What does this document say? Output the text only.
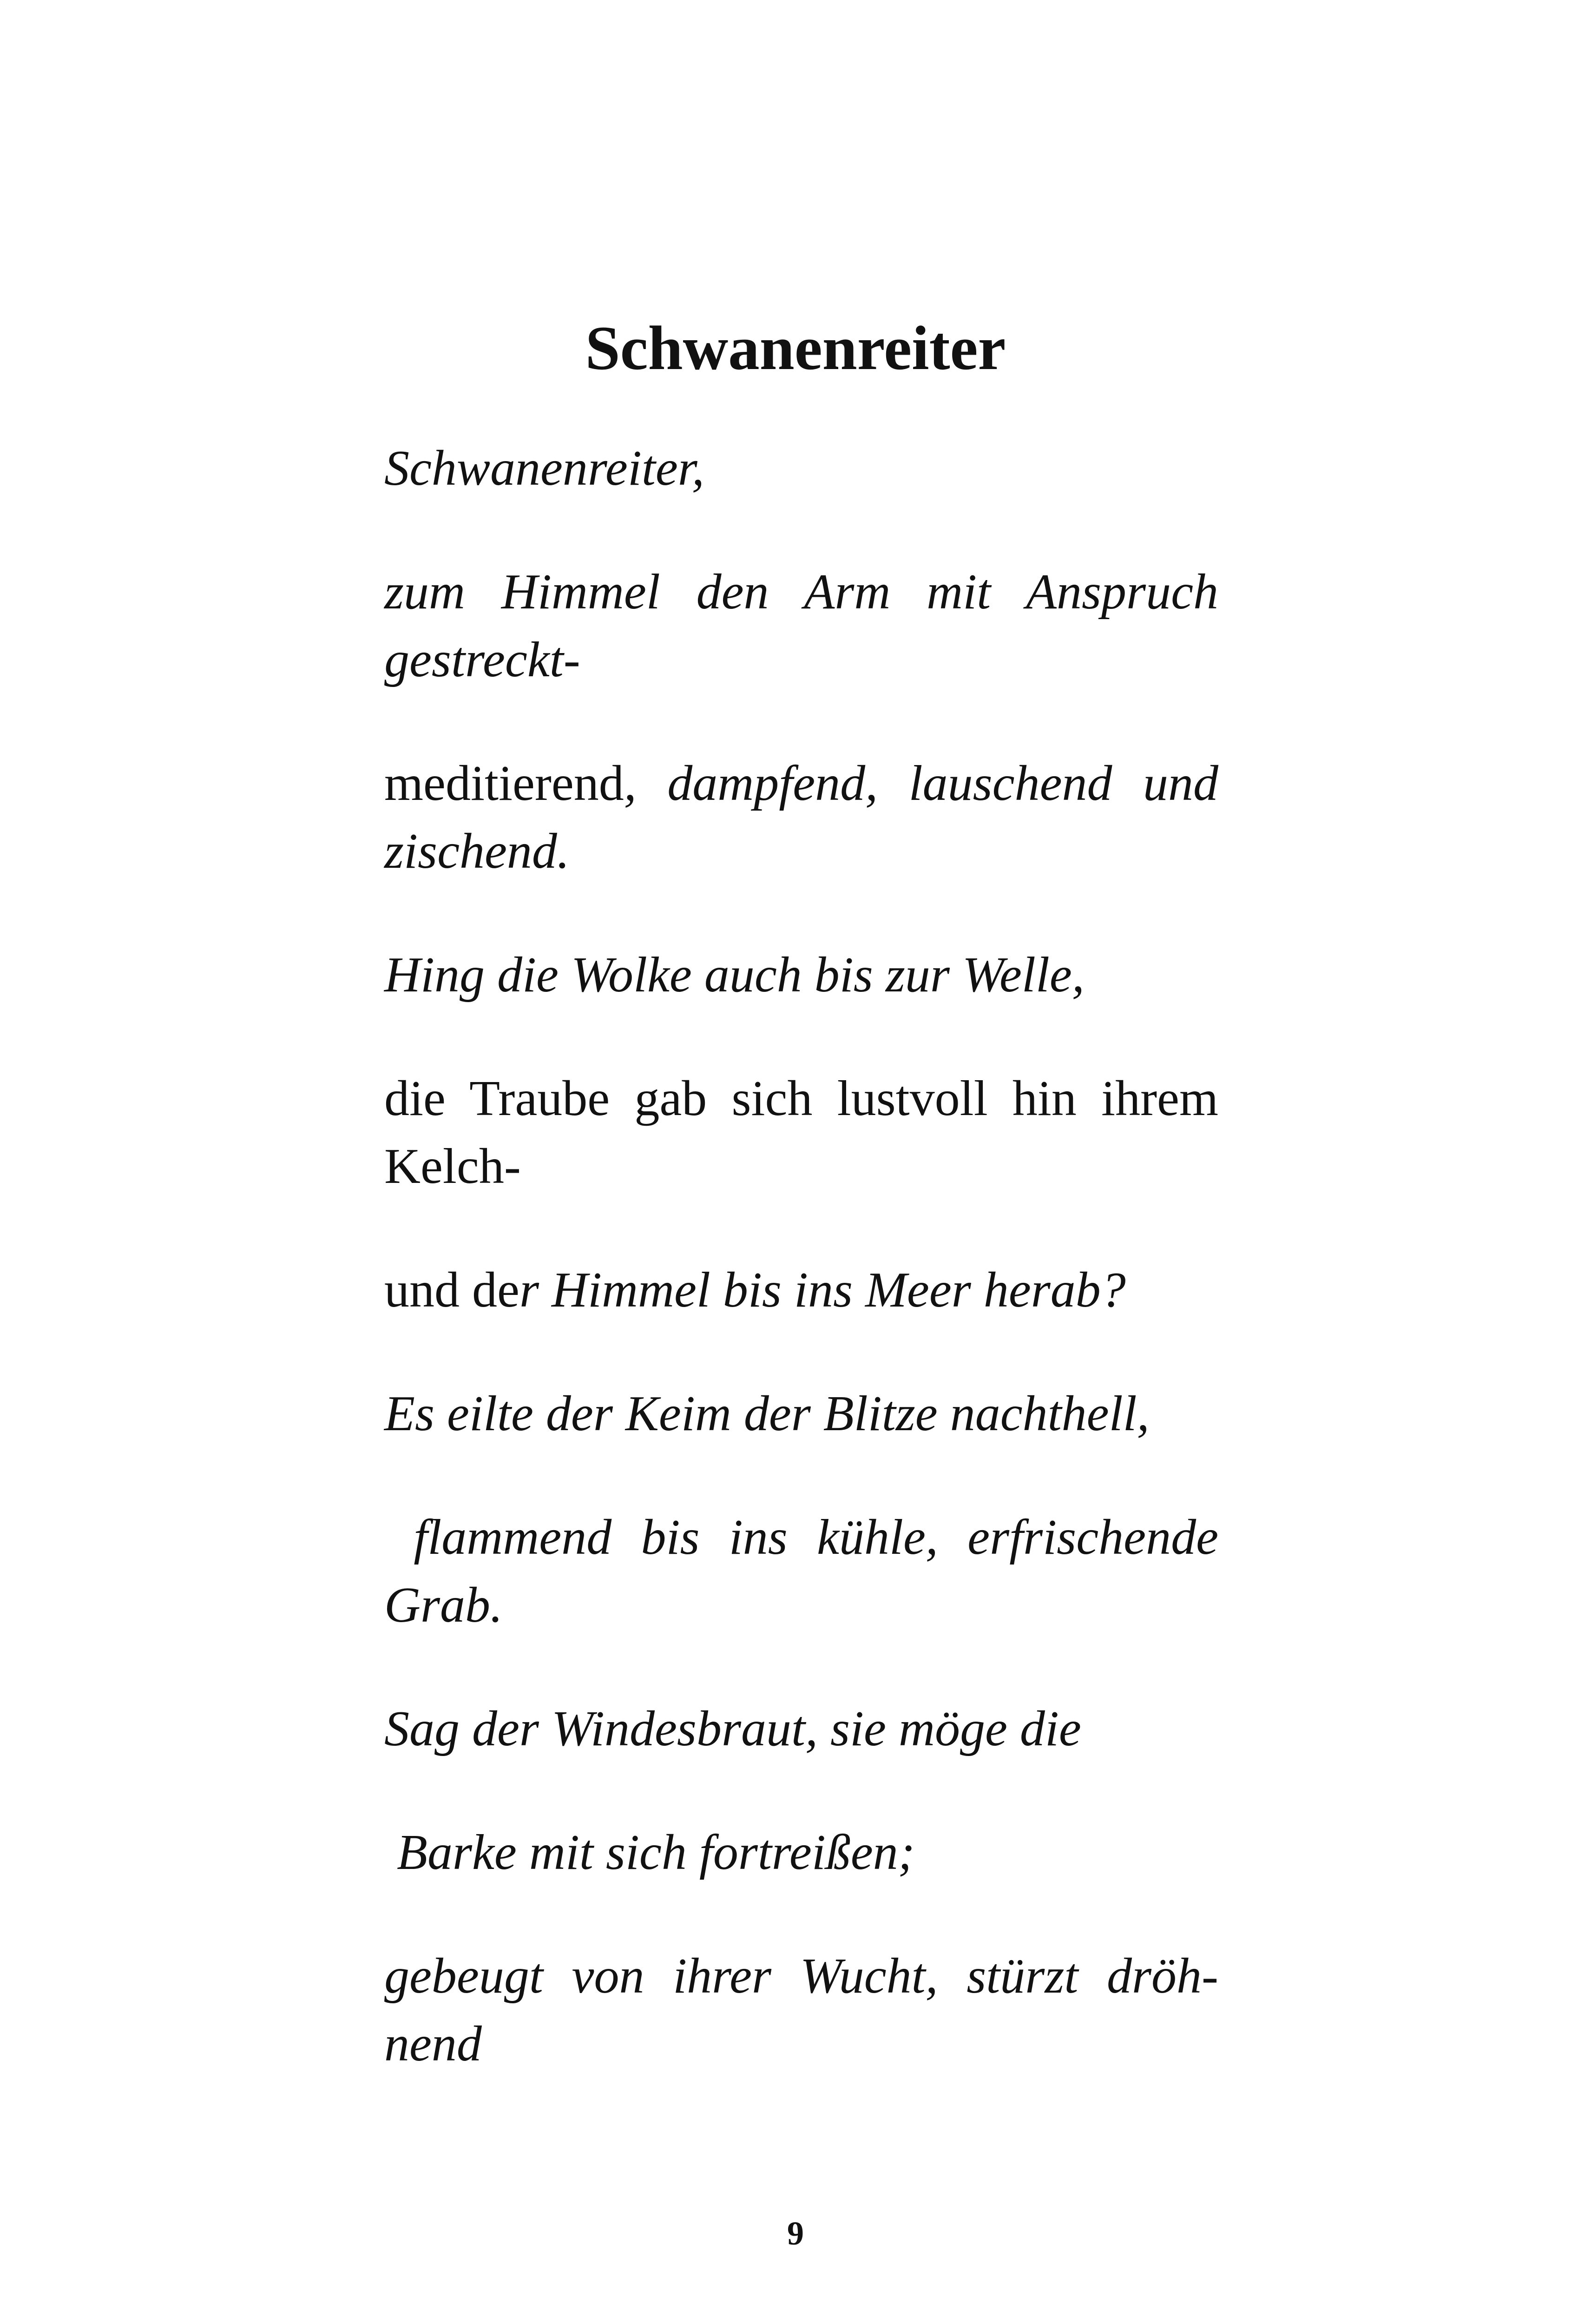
Schwanenreiter

Schwanenreiter,

zum Himmel den Arm mit Anspruch gestreckt-

meditierend, dampfend, lauschend und zischend.

Hing die Wolke auch bis zur Welle,

die Traube gab sich lustvoll hin ihrem Kelch-

und der Himmel bis ins Meer herab?

Es eilte der Keim der Blitze nachthell,

flammend bis ins kühle, erfrischende Grab.

Sag der Windesbraut, sie möge die

Barke mit sich fortreißen;

gebeugt von ihrer Wucht, stürzt dröh-nend

9
